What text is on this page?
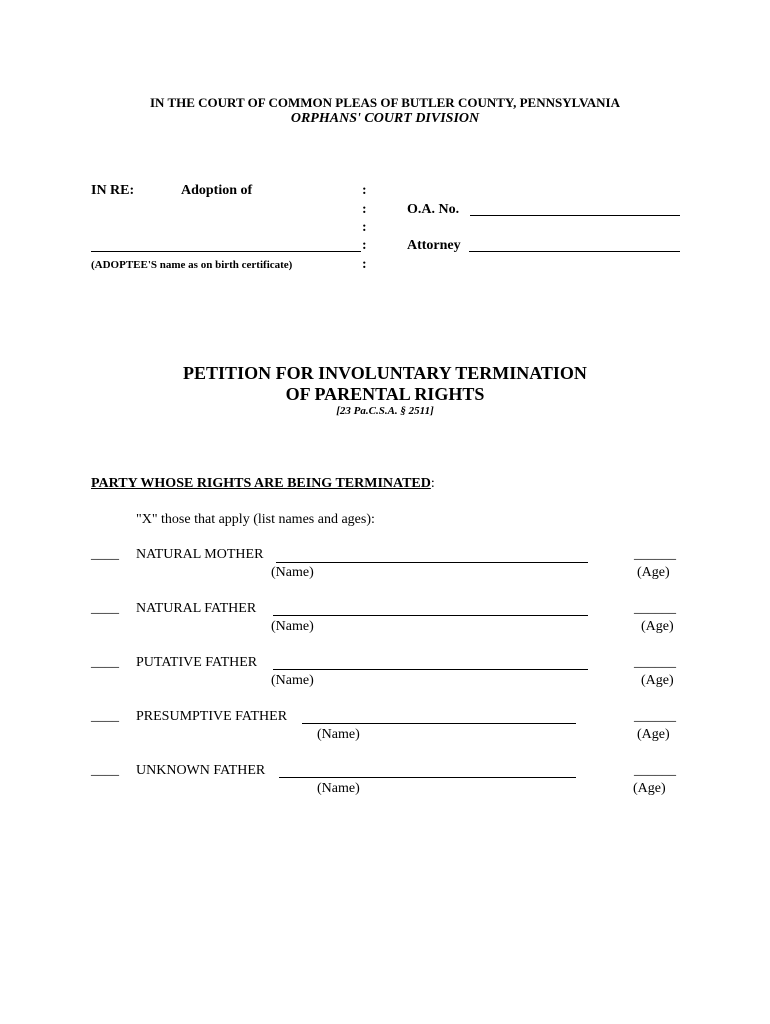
IN THE COURT OF COMMON PLEAS OF BUTLER COUNTY, PENNSYLVANIA
ORPHANS' COURT DIVISION
IN RE:	Adoption of	:
:
:
:
:
O.A. No.
Attorney
(ADOPTEE'S name as on birth certificate)
PETITION FOR INVOLUNTARY TERMINATION
OF PARENTAL RIGHTS
[23 Pa.C.S.A. § 2511]
PARTY WHOSE RIGHTS ARE BEING TERMINATED:
"X" those that apply (list names and ages):
____ NATURAL MOTHER
(Name)
______
(Age)
____ NATURAL FATHER
(Name)
______
(Age)
____ PUTATIVE FATHER
(Name)
______
(Age)
____ PRESUMPTIVE FATHER
(Name)
______
(Age)
____ UNKNOWN FATHER
(Name)
______
(Age)
